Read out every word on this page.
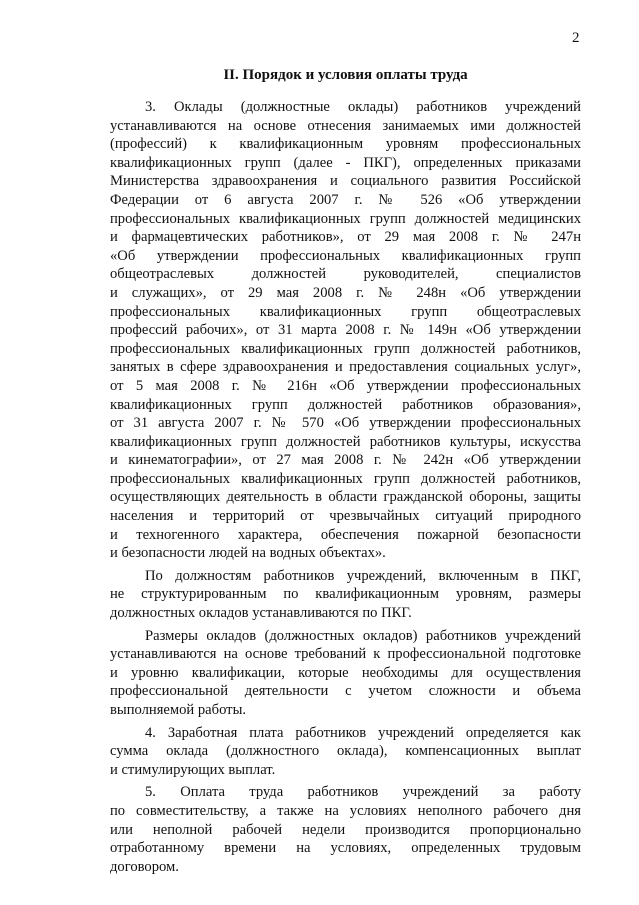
2
II. Порядок и условия оплаты труда
3. Оклады (должностные оклады) работников учреждений
устанавливаются на основе отнесения занимаемых ими должностей
(профессий) к квалификационным уровням профессиональных
квалификационных групп (далее - ПКГ), определенных приказами
Министерства здравоохранения и социального развития Российской
Федерации от 6 августа 2007 г. № 526 «Об утверждении
профессиональных квалификационных групп должностей медицинских
и фармацевтических работников», от 29 мая 2008 г. № 247н
«Об утверждении профессиональных квалификационных групп
общеотраслевых должностей руководителей, специалистов
и служащих», от 29 мая 2008 г. № 248н «Об утверждении
профессиональных квалификационных групп общеотраслевых
профессий рабочих», от 31 марта 2008 г. № 149н «Об утверждении
профессиональных квалификационных групп должностей работников,
занятых в сфере здравоохранения и предоставления социальных услуг»,
от 5 мая 2008 г. № 216н «Об утверждении профессиональных
квалификационных групп должностей работников образования»,
от 31 августа 2007 г. № 570 «Об утверждении профессиональных
квалификационных групп должностей работников культуры, искусства
и кинематографии», от 27 мая 2008 г. № 242н «Об утверждении
профессиональных квалификационных групп должностей работников,
осуществляющих деятельность в области гражданской обороны, защиты
населения и территорий от чрезвычайных ситуаций природного
и техногенного характера, обеспечения пожарной безопасности
и безопасности людей на водных объектах».
По должностям работников учреждений, включенным в ПКГ,
не структурированным по квалификационным уровням, размеры
должностных окладов устанавливаются по ПКГ.
Размеры окладов (должностных окладов) работников учреждений
устанавливаются на основе требований к профессиональной подготовке
и уровню квалификации, которые необходимы для осуществления
профессиональной деятельности с учетом сложности и объема
выполняемой работы.
4. Заработная плата работников учреждений определяется как
сумма оклада (должностного оклада), компенсационных выплат
и стимулирующих выплат.
5. Оплата труда работников учреждений за работу
по совместительству, а также на условиях неполного рабочего дня
или неполной рабочей недели производится пропорционально
отработанному времени на условиях, определенных трудовым
договором.
